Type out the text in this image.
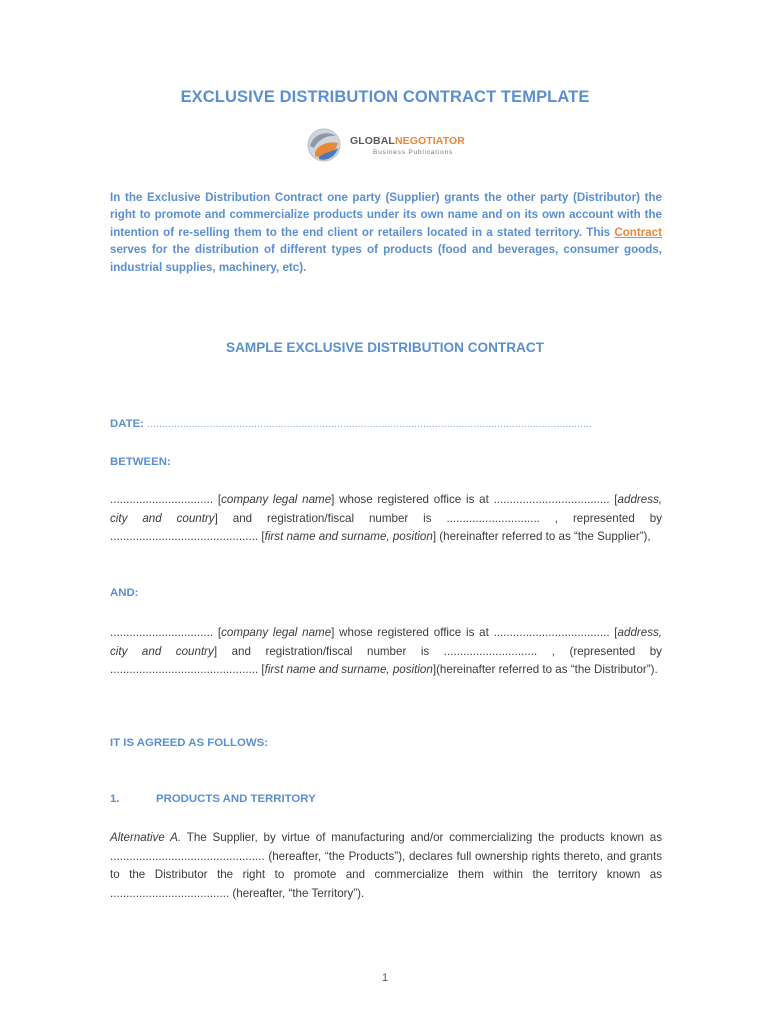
EXCLUSIVE DISTRIBUTION CONTRACT TEMPLATE
GLOBALNEGOTIATOR
Business Publications
In the Exclusive Distribution Contract one party (Supplier) grants the other party (Distributor) the right to promote and commercialize products under its own name and on its own account with the intention of re-selling them to the end client or retailers located in a stated territory. This Contract serves for the distribution of different types of products (food and beverages, consumer goods, industrial supplies, machinery, etc).
SAMPLE EXCLUSIVE DISTRIBUTION CONTRACT
DATE: ......................................................................................................................................................
BETWEEN:
................................ [company legal name] whose registered office is at .................................... [address, city and country] and registration/fiscal number is ............................. , represented by .............................................. [first name and surname, position] (hereinafter referred to as “the Supplier”),
AND:
................................ [company legal name] whose registered office is at .................................... [address, city and country] and registration/fiscal number is ............................. , (represented by .............................................. [first name and surname, position](hereinafter referred to as “the Distributor”).
IT IS AGREED AS FOLLOWS:
1.	PRODUCTS AND TERRITORY
Alternative A. The Supplier, by virtue of manufacturing and/or commercializing the products known as ................................................ (hereafter, “the Products”), declares full ownership rights thereto, and grants to the Distributor the right to promote and commercialize them within the territory known as ..................................... (hereafter, “the Territory”).
1
